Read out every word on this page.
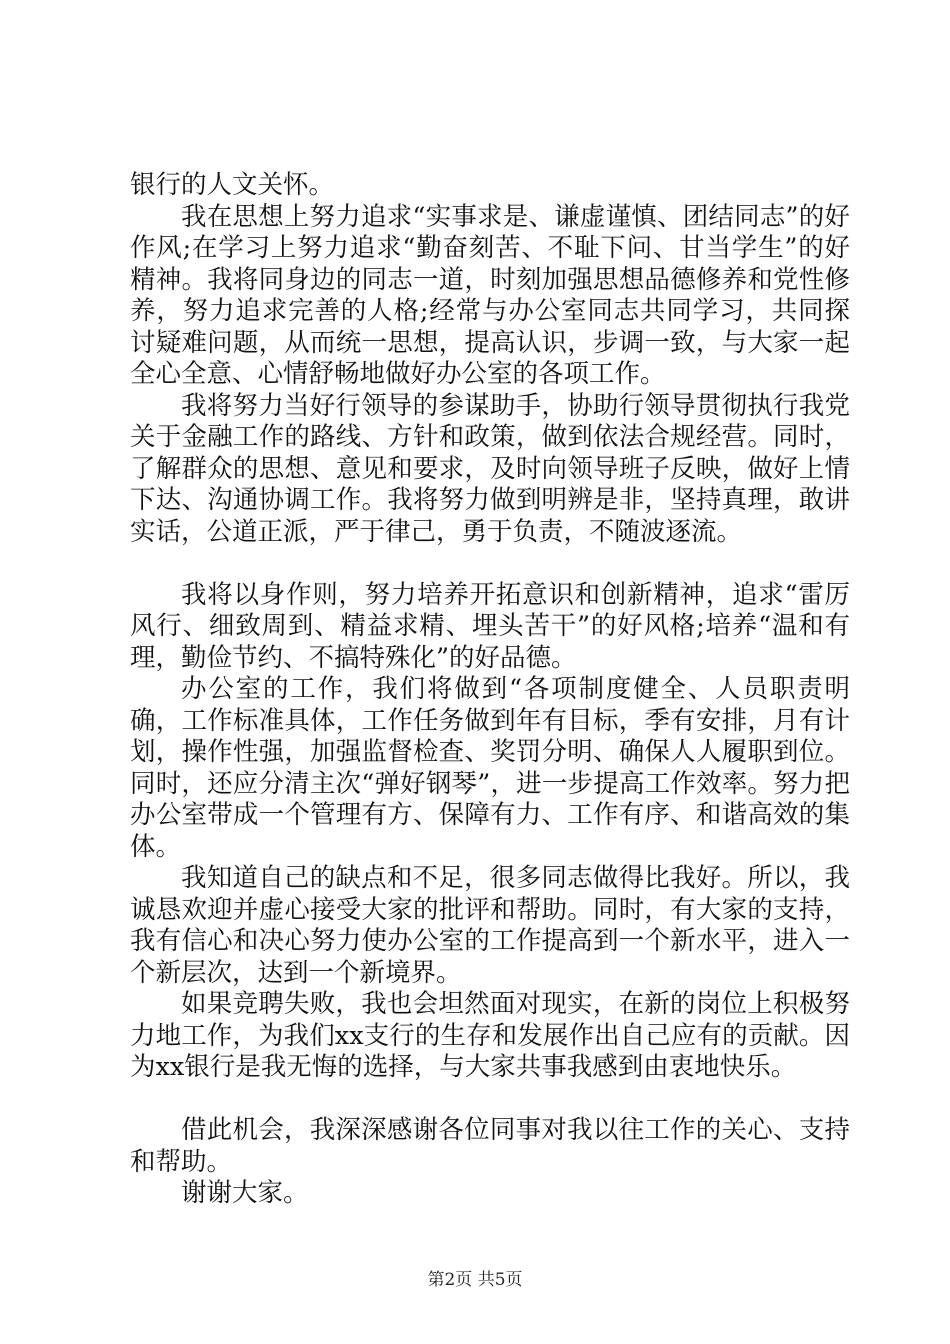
银行的人文关怀。

我在思想上努力追求“实事求是、谦虚谨慎、团结同志”的好作风;在学习上努力追求“勤奋刻苦、不耻下问、甘当学生”的好精神。我将同身边的同志一道，时刻加强思想品德修养和党性修养，努力追求完善的人格;经常与办公室同志共同学习，共同探讨疑难问题，从而统一思想，提高认识，步调一致，与大家一起全心全意、心情舒畅地做好办公室的各项工作。

我将努力当好行领导的参谋助手，协助行领导贯彻执行我党关于金融工作的路线、方针和政策，做到依法合规经营。同时，了解群众的思想、意见和要求，及时向领导班子反映，做好上情下达、沟通协调工作。我将努力做到明辨是非，坚持真理，敢讲实话，公道正派，严于律己，勇于负责，不随波逐流。

我将以身作则，努力培养开拓意识和创新精神，追求“雷厉风行、细致周到、精益求精、埋头苦干”的好风格;培养“温和有理，勤俭节约、不搞特殊化”的好品德。

办公室的工作，我们将做到“各项制度健全、人员职责明确，工作标准具体，工作任务做到年有目标，季有安排，月有计划，操作性强，加强监督检查、奖罚分明、确保人人履职到位。同时，还应分清主次“弹好钢琴”，进一步提高工作效率。努力把办公室带成一个管理有方、保障有力、工作有序、和谐高效的集体。

我知道自己的缺点和不足，很多同志做得比我好。所以，我诚恳欢迎并虚心接受大家的批评和帮助。同时，有大家的支持，我有信心和决心努力使办公室的工作提高到一个新水平，进入一个新层次，达到一个新境界。

如果竞聘失败，我也会坦然面对现实，在新的岗位上积极努力地工作，为我们xx支行的生存和发展作出自己应有的贡献。因为xx银行是我无悔的选择，与大家共事我感到由衷地快乐。

借此机会，我深深感谢各位同事对我以往工作的关心、支持和帮助。

谢谢大家。

第2页 共5页
